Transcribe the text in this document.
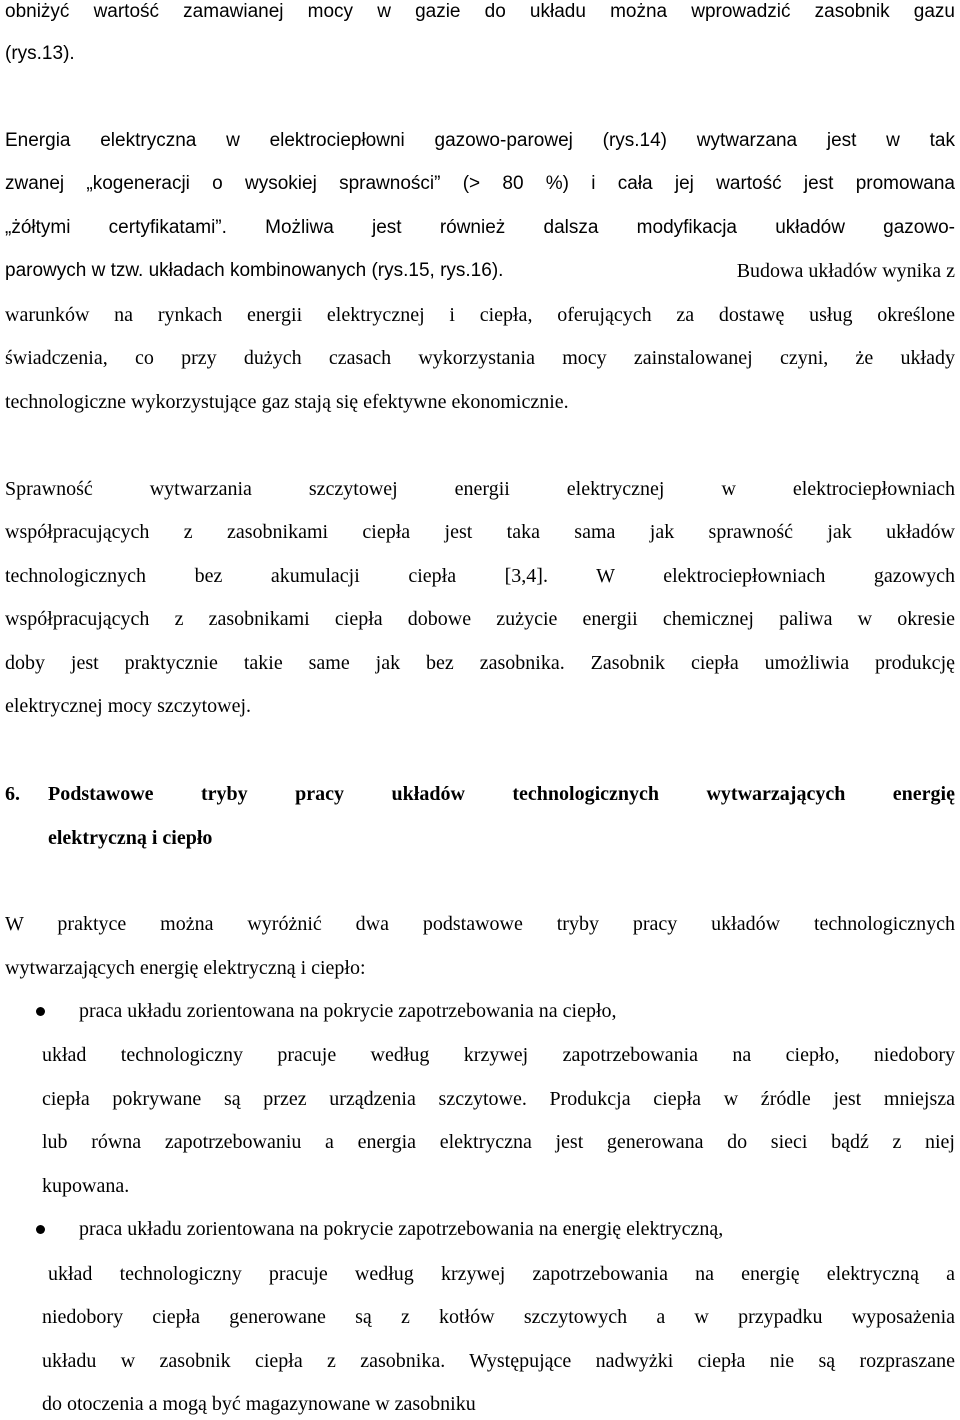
obniżyć wartość zamawianej mocy w gazie do układu można wprowadzić zasobnik gazu
(rys.13).
Energia elektryczna w elektrociepłowni gazowo-parowej (rys.14) wytwarzana jest w tak
zwanej „kogeneracji o wysokiej sprawności” (> 80 %) i cała jej wartość jest promowana
„żółtymi certyfikatami”. Możliwa jest również dalsza modyfikacja układów gazowo-
parowych w tzw. układach kombinowanych (rys.15, rys.16).	Budowa układów wynika z
warunków na rynkach energii elektrycznej i ciepła, oferujących za dostawę usług określone
świadczenia, co przy dużych czasach wykorzystania mocy zainstalowanej czyni, że układy
technologiczne wykorzystujące gaz stają się efektywne ekonomicznie.
Sprawność wytwarzania szczytowej energii elektrycznej w elektrociepłowniach
współpracujących z zasobnikami ciepła jest taka sama jak sprawność jak układów
technologicznych bez akumulacji ciepła [3,4]. W elektrociepłowniach gazowych
współpracujących z zasobnikami ciepła dobowe zużycie energii chemicznej paliwa w okresie
doby jest praktycznie takie same jak bez zasobnika. Zasobnik ciepła umożliwia produkcję
elektrycznej mocy szczytowej.
6. Podstawowe tryby pracy układów technologicznych wytwarzających energię
elektryczną i ciepło
W praktyce można wyróżnić dwa podstawowe tryby pracy układów technologicznych
wytwarzających energię elektryczną i ciepło:
praca układu zorientowana na pokrycie zapotrzebowania na ciepło,
układ technologiczny pracuje według krzywej zapotrzebowania na ciepło, niedobory
ciepła pokrywane są przez urządzenia szczytowe. Produkcja ciepła w źródle jest mniejsza
lub równa zapotrzebowaniu a energia elektryczna jest generowana do sieci bądź z niej
kupowana.
praca układu zorientowana na pokrycie zapotrzebowania na energię elektryczną,
układ technologiczny pracuje według krzywej zapotrzebowania na energię elektryczną a
niedobory ciepła generowane są z kotłów szczytowych a w przypadku wyposażenia
układu w zasobnik ciepła z zasobnika. Występujące nadwyżki ciepła nie są rozpraszane
do otoczenia a mogą być magazynowane w zasobniku
